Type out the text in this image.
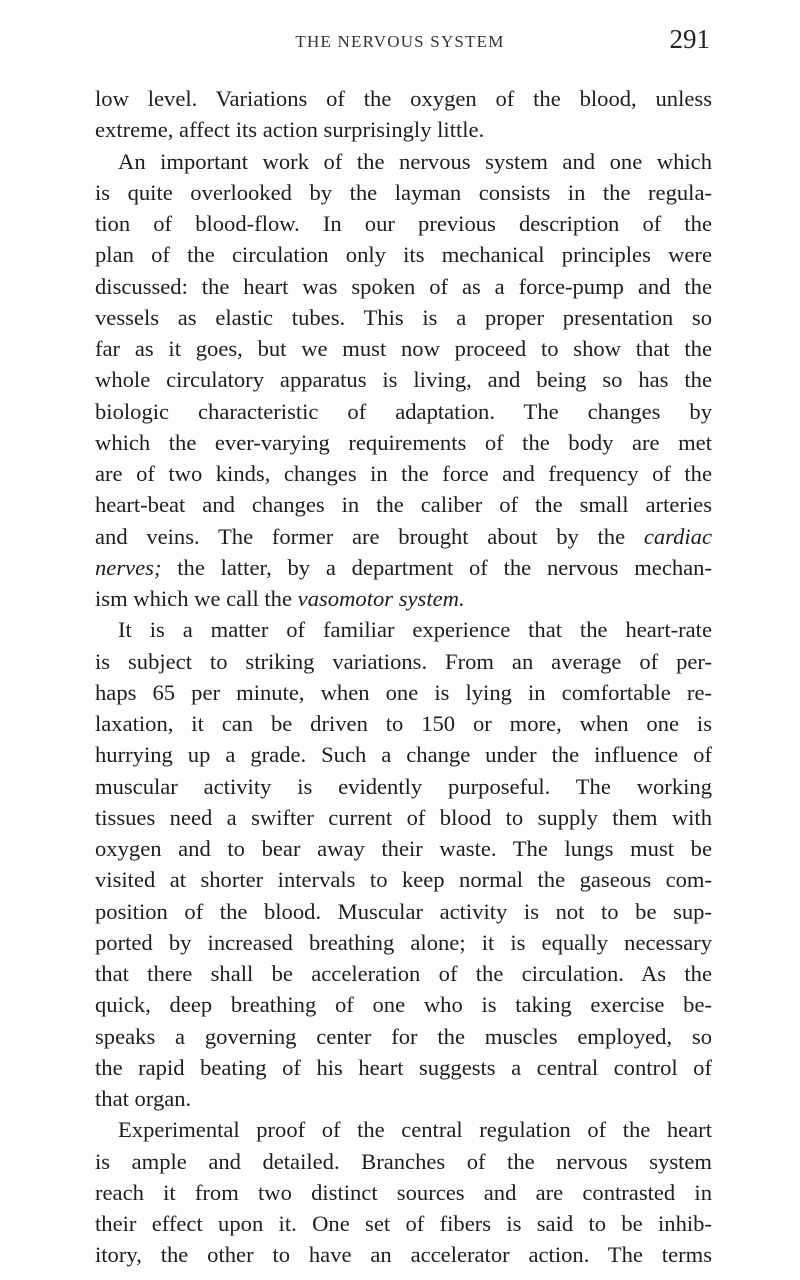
THE NERVOUS SYSTEM	291
low level. Variations of the oxygen of the blood, unless
extreme, affect its action surprisingly little.
An important work of the nervous system and one which
is quite overlooked by the layman consists in the regula-
tion of blood-flow. In our previous description of the
plan of the circulation only its mechanical principles were
discussed: the heart was spoken of as a force-pump and the
vessels as elastic tubes. This is a proper presentation so
far as it goes, but we must now proceed to show that the
whole circulatory apparatus is living, and being so has the
biologic characteristic of adaptation. The changes by
which the ever-varying requirements of the body are met
are of two kinds, changes in the force and frequency of the
heart-beat and changes in the caliber of the small arteries
and veins. The former are brought about by the cardiac
nerves; the latter, by a department of the nervous mechan-
ism which we call the vasomotor system.
It is a matter of familiar experience that the heart-rate
is subject to striking variations. From an average of per-
haps 65 per minute, when one is lying in comfortable re-
laxation, it can be driven to 150 or more, when one is
hurrying up a grade. Such a change under the influence of
muscular activity is evidently purposeful. The working
tissues need a swifter current of blood to supply them with
oxygen and to bear away their waste. The lungs must be
visited at shorter intervals to keep normal the gaseous com-
position of the blood. Muscular activity is not to be sup-
ported by increased breathing alone; it is equally necessary
that there shall be acceleration of the circulation. As the
quick, deep breathing of one who is taking exercise be-
speaks a governing center for the muscles employed, so
the rapid beating of his heart suggests a central control of
that organ.
Experimental proof of the central regulation of the heart
is ample and detailed. Branches of the nervous system
reach it from two distinct sources and are contrasted in
their effect upon it. One set of fibers is said to be inhib-
itory, the other to have an accelerator action. The terms
